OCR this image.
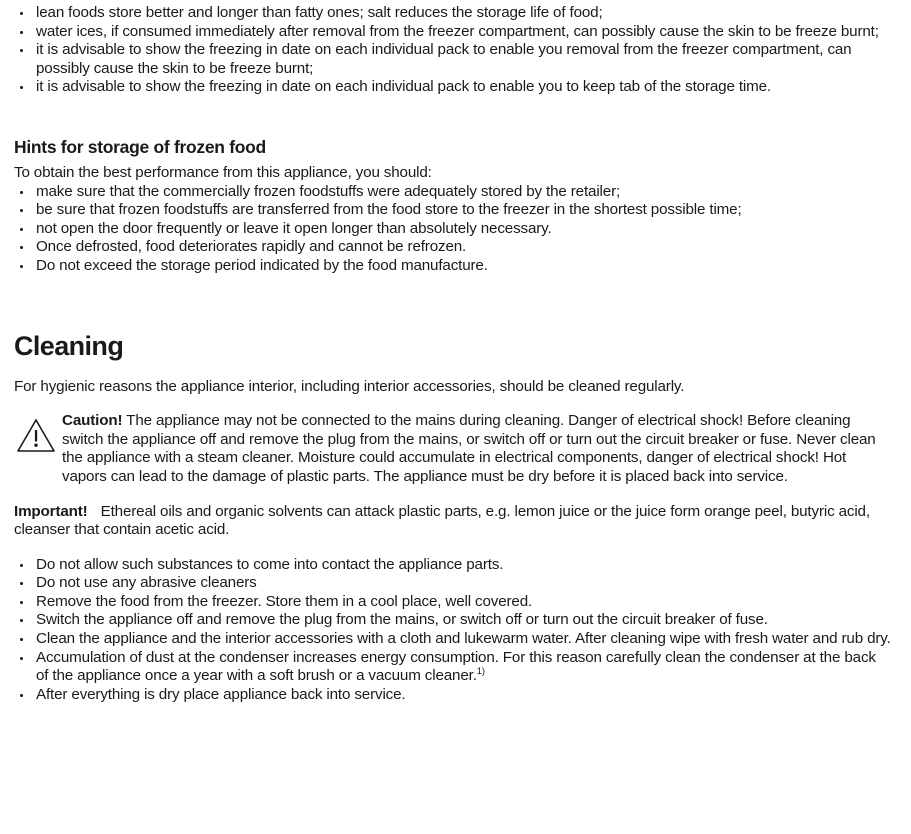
lean foods store better and longer than fatty ones; salt reduces the storage life of food;
water ices, if consumed immediately after removal from the freezer compartment, can possibly cause the skin to be freeze burnt;
it is advisable to show the freezing in date on each individual pack to enable you removal from the freezer compartment, can possibly cause the skin to be freeze burnt;
it is advisable to show the freezing in date on each individual pack to enable you to keep tab of the storage time.
Hints for storage of frozen food

To obtain the best performance from this appliance, you should:

make sure that the commercially frozen foodstuffs were adequately stored by the retailer;
be sure that frozen foodstuffs are transferred from the food store to the freezer in the shortest possible time;
not open the door frequently or leave it open longer than absolutely necessary.
Once defrosted, food deteriorates rapidly and cannot be refrozen.
Do not exceed the storage period indicated by the food manufacture.
Cleaning

For hygienic reasons the appliance interior, including interior accessories, should be cleaned regularly.

Caution! The appliance may not be connected to the mains during cleaning. Danger of electrical shock! Before cleaning switch the appliance off and remove the plug from the mains, or switch off or turn out the circuit breaker or fuse. Never clean the appliance with a steam cleaner. Moisture could accumulate in electrical components, danger of electrical shock! Hot vapors can lead to the damage of plastic parts. The appliance must be dry before it is placed back into service.

Important! Ethereal oils and organic solvents can attack plastic parts, e.g. lemon juice or the juice form orange peel, butyric acid, cleanser that contain acetic acid.

Do not allow such substances to come into contact the appliance parts.
Do not use any abrasive cleaners
Remove the food from the freezer. Store them in a cool place, well covered.
Switch the appliance off and remove the plug from the mains, or switch off or turn out the circuit breaker of fuse.
Clean the appliance and the interior accessories with a cloth and lukewarm water. After cleaning wipe with fresh water and rub dry.
Accumulation of dust at the condenser increases energy consumption. For this reason carefully clean the condenser at the back of the appliance once a year with a soft brush or a vacuum cleaner.$^{1)}$
After everything is dry place appliance back into service.
